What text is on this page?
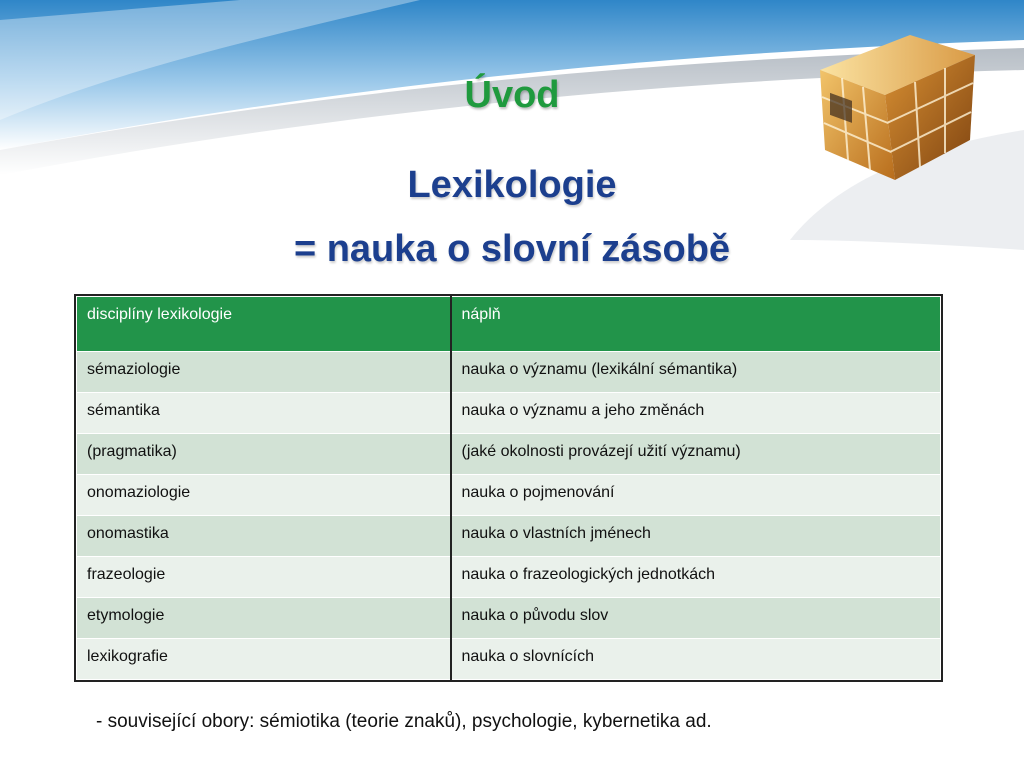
Úvod
Lexikologie
= nauka o slovní zásobě
disciplíny lexikologie	náplň
sémaziologie	nauka o významu (lexikální sémantika)
sémantika	nauka o významu a jeho změnách
(pragmatika)	(jaké okolnosti provázejí užití významu)
onomaziologie	nauka o pojmenování
onomastika	nauka o vlastních jménech
frazeologie	nauka o frazeologických jednotkách
etymologie	nauka o původu slov
lexikografie	nauka o slovnících
- související obory: sémiotika (teorie znaků), psychologie, kybernetika ad.
